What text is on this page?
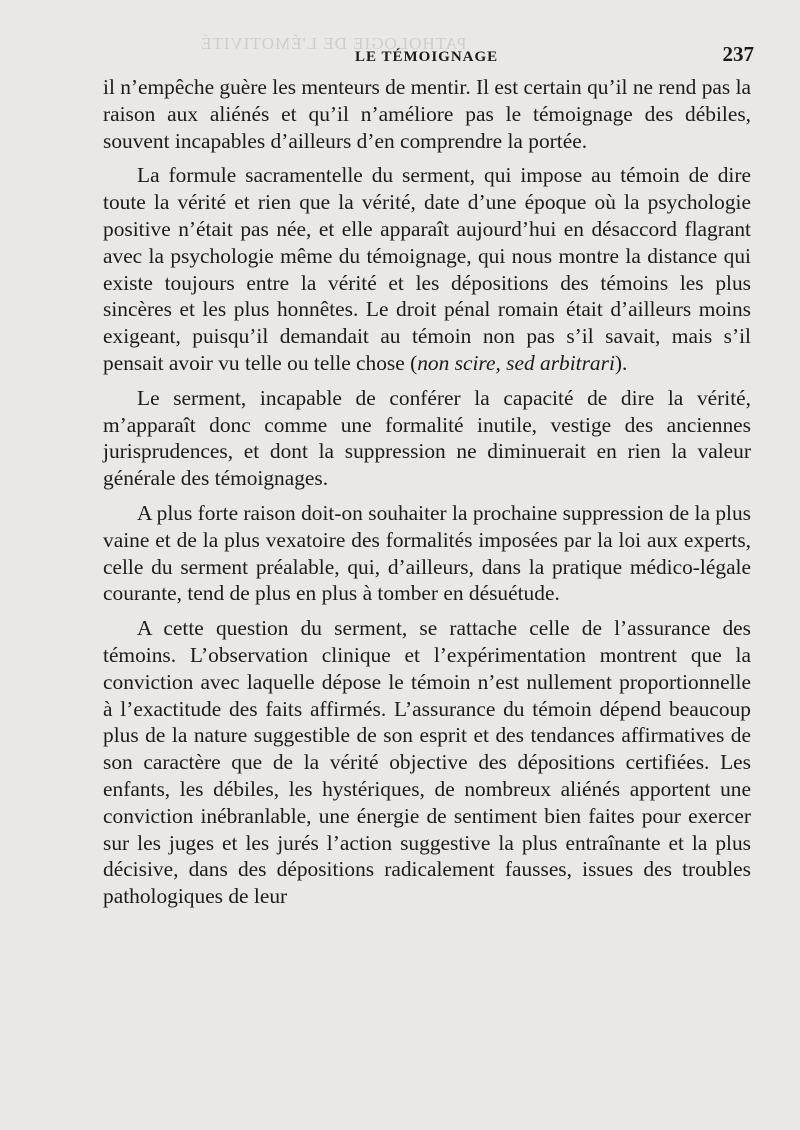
PATHOLOGIE DE L'ÉMOTIVITÉ
LE TÉMOIGNAGE	237

il n’empêche guère les menteurs de mentir. Il est certain qu’il ne rend pas la raison aux aliénés et qu’il n’améliore pas le témoignage des débiles, souvent incapables d’ailleurs d’en comprendre la portée.

La formule sacramentelle du serment, qui impose au témoin de dire toute la vérité et rien que la vérité, date d’une époque où la psychologie positive n’était pas née, et elle apparaît aujourd’hui en désaccord flagrant avec la psychologie même du témoignage, qui nous montre la distance qui existe toujours entre la vérité et les dépositions des témoins les plus sincères et les plus honnêtes. Le droit pénal romain était d’ailleurs moins exigeant, puisqu’il demandait au témoin non pas s’il savait, mais s’il pensait avoir vu telle ou telle chose (non scire, sed arbitrari).

Le serment, incapable de conférer la capacité de dire la vérité, m’apparaît donc comme une formalité inutile, vestige des anciennes jurisprudences, et dont la suppression ne diminuerait en rien la valeur générale des témoignages.

A plus forte raison doit-on souhaiter la prochaine suppression de la plus vaine et de la plus vexatoire des formalités imposées par la loi aux experts, celle du serment préalable, qui, d’ailleurs, dans la pratique médico-légale courante, tend de plus en plus à tomber en désuétude.

A cette question du serment, se rattache celle de l’assurance des témoins. L’observation clinique et l’expérimentation montrent que la conviction avec laquelle dépose le témoin n’est nullement proportionnelle à l’exactitude des faits affirmés. L’assurance du témoin dépend beaucoup plus de la nature suggestible de son esprit et des tendances affirmatives de son caractère que de la vérité objective des dépositions certifiées. Les enfants, les débiles, les hystériques, de nombreux aliénés apportent une conviction inébranlable, une énergie de sentiment bien faites pour exercer sur les juges et les jurés l’action suggestive la plus entraînante et la plus décisive, dans des dépositions radicalement fausses, issues des troubles pathologiques de leur
